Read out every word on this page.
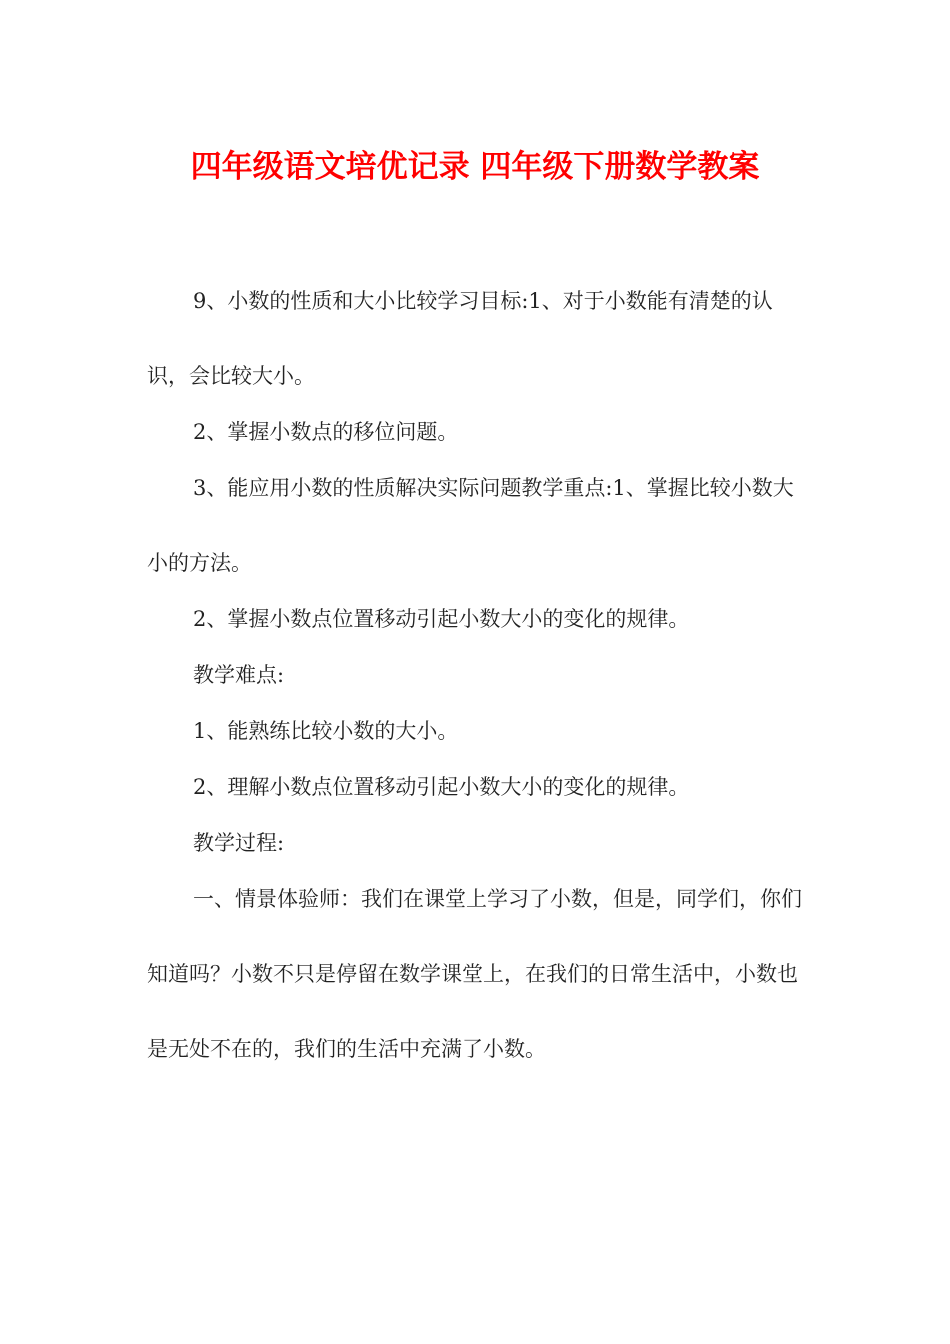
四年级语文培优记录 四年级下册数学教案

9、小数的性质和大小比较学习目标:1、对于小数能有清楚的认识，会比较大小。

2、掌握小数点的移位问题。

3、能应用小数的性质解决实际问题教学重点:1、掌握比较小数大小的方法。

2、掌握小数点位置移动引起小数大小的变化的规律。

教学难点:

1、能熟练比较小数的大小。

2、理解小数点位置移动引起小数大小的变化的规律。

教学过程:

一、情景体验师：我们在课堂上学习了小数，但是，同学们，你们知道吗？小数不只是停留在数学课堂上，在我们的日常生活中，小数也是无处不在的，我们的生活中充满了小数。
